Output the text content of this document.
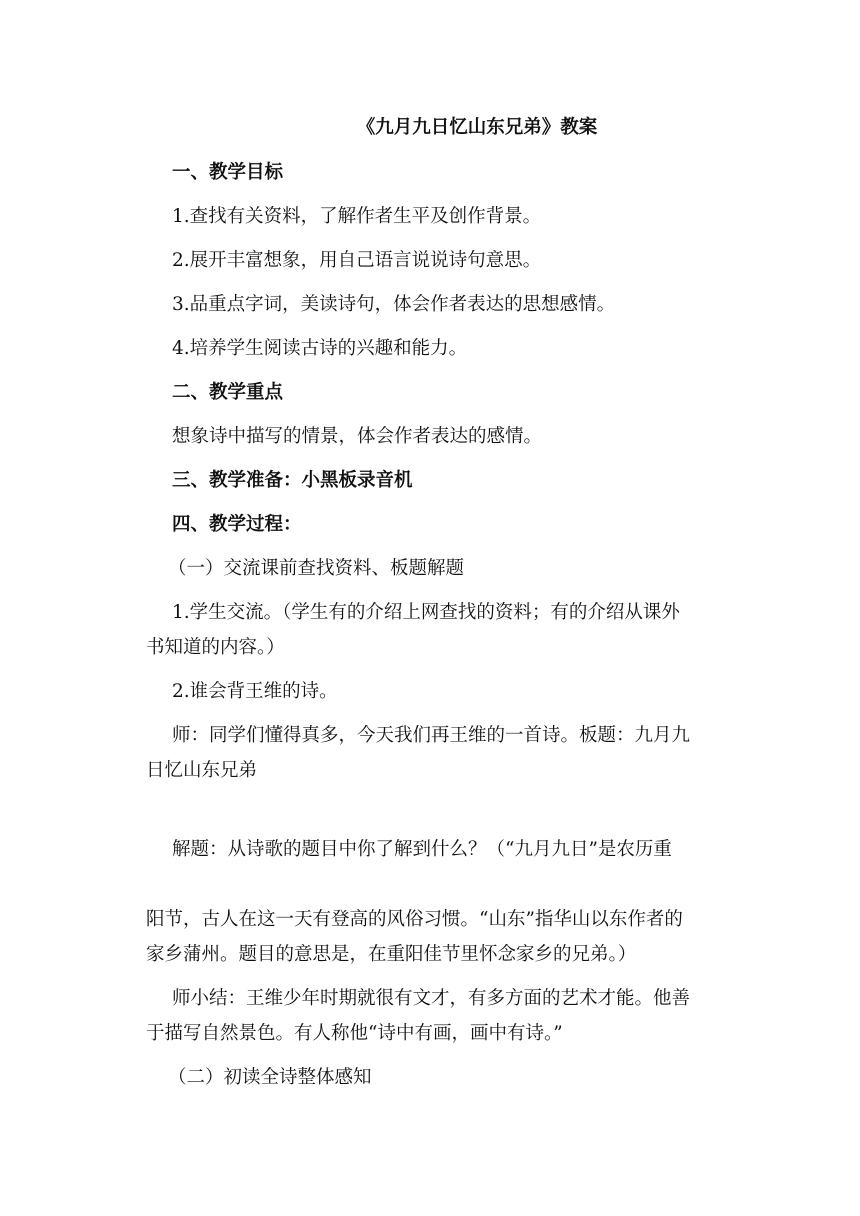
《九月九日忆山东兄弟》教案
一、教学目标
1.查找有关资料，了解作者生平及创作背景。
2.展开丰富想象，用自己语言说说诗句意思。
3.品重点字词，美读诗句，体会作者表达的思想感情。
4.培养学生阅读古诗的兴趣和能力。
二、教学重点
想象诗中描写的情景，体会作者表达的感情。
三、教学准备：小黑板录音机
四、教学过程：
（一）交流课前查找资料、板题解题
1.学生交流。（学生有的介绍上网查找的资料；有的介绍从课外
书知道的内容。）
2.谁会背王维的诗。
师：同学们懂得真多，今天我们再王维的一首诗。板题：九月九
日忆山东兄弟

解题：从诗歌的题目中你了解到什么？（“九月九日”是农历重

阳节，古人在这一天有登高的风俗习惯。“山东”指华山以东作者的
家乡蒲州。题目的意思是，在重阳佳节里怀念家乡的兄弟。）

师小结：王维少年时期就很有文才，有多方面的艺术才能。他善
于描写自然景色。有人称他“诗中有画，画中有诗。”
（二）初读全诗整体感知
